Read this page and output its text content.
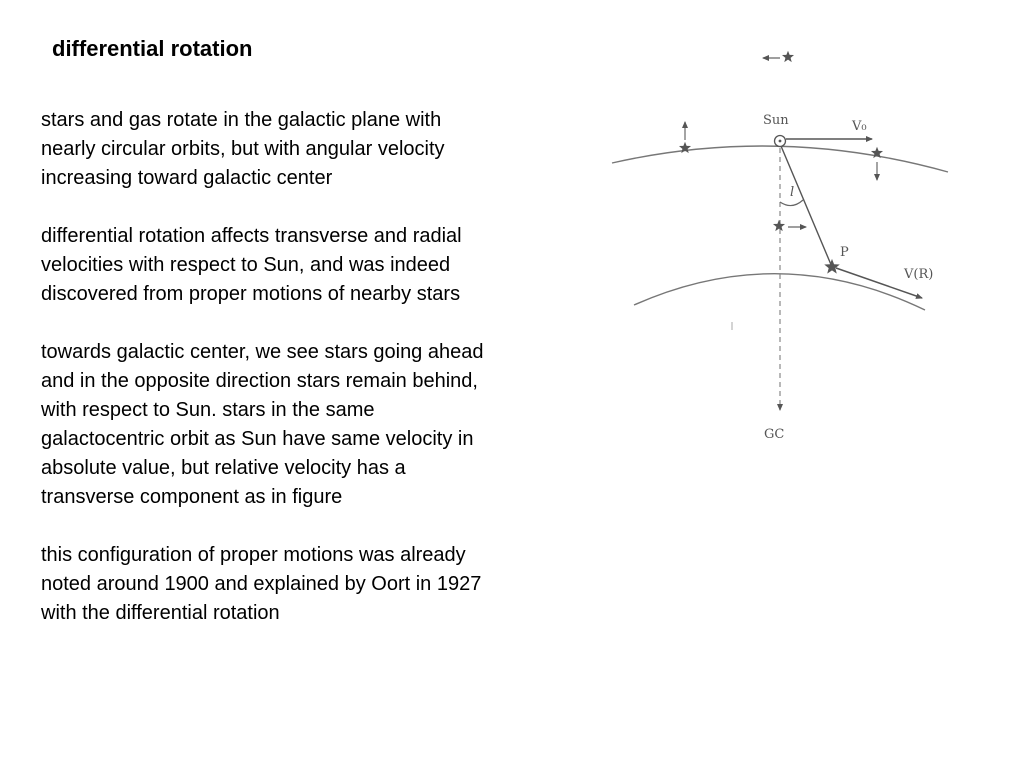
differential rotation

stars and gas rotate in the galactic plane with
nearly circular orbits, but with angular velocity
increasing toward galactic center

differential rotation affects transverse and radial
velocities with respect to Sun, and was indeed
discovered from proper motions of nearby stars

towards galactic center, we see stars going ahead
and in the opposite direction stars remain behind,
with respect to Sun. stars in the same
galactocentric orbit as Sun have same velocity in
absolute value, but relative velocity has a
transverse component as in figure

this configuration of proper motions was already
noted around 1900 and explained by Oort in 1927
with the differential rotation

Sun	V₀
l
P
V(R)
GC
